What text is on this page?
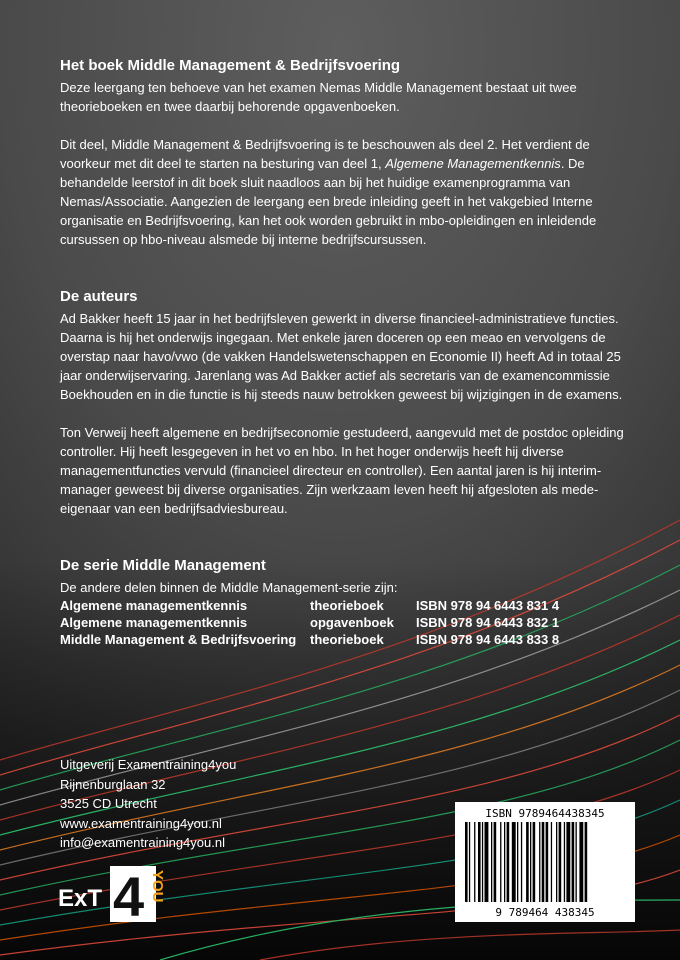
Het boek Middle Management & Bedrijfsvoering

Deze leergang ten behoeve van het examen Nemas Middle Management bestaat uit twee theorieboeken en twee daarbij behorende opgavenboeken.

Dit deel, Middle Management & Bedrijfsvoering is te beschouwen als deel 2. Het verdient de voorkeur met dit deel te starten na besturing van deel 1, Algemene Managementkennis. De behandelde leerstof in dit boek sluit naadloos aan bij het huidige examenprogramma van Nemas/Associatie. Aangezien de leergang een brede inleiding geeft in het vakgebied Interne organisatie en Bedrijfsvoering, kan het ook worden gebruikt in mbo-opleidingen en inleidende cursussen op hbo-niveau alsmede bij interne bedrijfscursussen.

De auteurs

Ad Bakker heeft 15 jaar in het bedrijfsleven gewerkt in diverse financieel-administratieve functies. Daarna is hij het onderwijs ingegaan. Met enkele jaren doceren op een meao en vervolgens de overstap naar havo/vwo (de vakken Handelswetenschappen en Economie II) heeft Ad in totaal 25 jaar onderwijservaring. Jarenlang was Ad Bakker actief als secretaris van de examencommissie Boekhouden en in die functie is hij steeds nauw betrokken geweest bij wijzigingen in de examens.

Ton Verweij heeft algemene en bedrijfseconomie gestudeerd, aangevuld met de postdoc opleiding controller. Hij heeft lesgegeven in het vo en hbo. In het hoger onderwijs heeft hij diverse managementfuncties vervuld (financieel directeur en controller). Een aantal jaren is hij interim-manager geweest bij diverse organisaties. Zijn werkzaam leven heeft hij afgesloten als mede-eigenaar van een bedrijfsadviesbureau.

De serie Middle Management

De andere delen binnen de Middle Management-serie zijn:

Algemene managementkennis	theorieboek	ISBN 978 94 6443 831 4
Algemene managementkennis	opgavenboek	ISBN 978 94 6443 832 1
Middle Management & Bedrijfsvoering	theorieboek	ISBN 978 94 6443 833 8
Uitgeverij Examentraining4you
Rijnenburglaan 32
3525 CD Utrecht
www.examentraining4you.nl
info@examentraining4you.nl
ExT 4 YOU
ISBN 9789464438345
9 789464 438345
